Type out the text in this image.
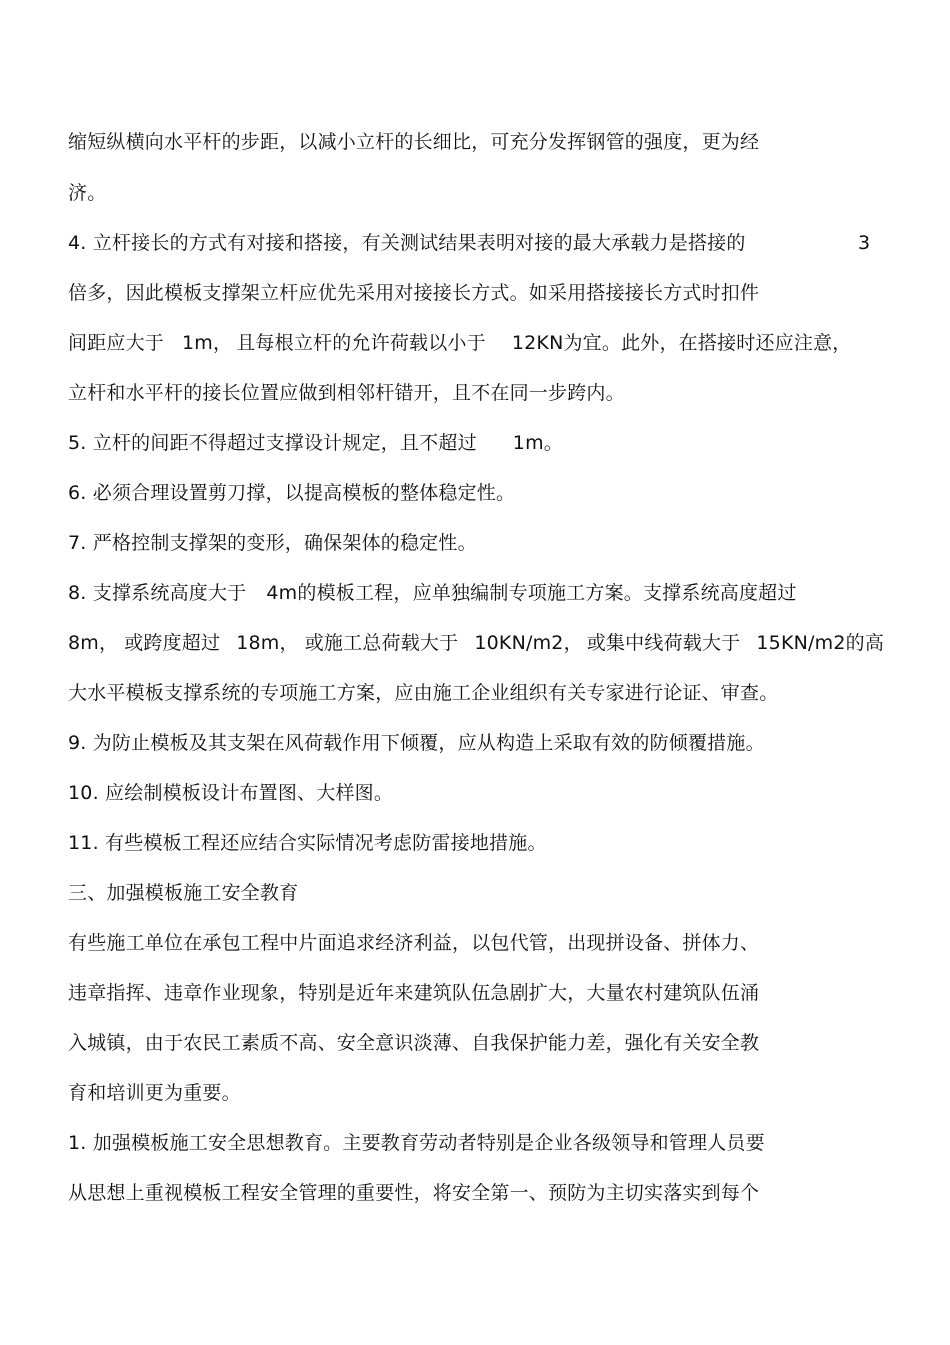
缩短纵横向水平杆的步距，以减小立杆的长细比，可充分发挥钢管的强度，更为经
济。
4. 立杆接长的方式有对接和搭接，有关测试结果表明对接的最大承载力是搭接的	3
倍多，因此模板支撑架立杆应优先采用对接接长方式。如采用搭接接长方式时扣件
间距应大于 1m， 且每根立杆的允许荷载以小于 12KN为宜。此外，在搭接时还应注意，
立杆和水平杆的接长位置应做到相邻杆错开，且不在同一步跨内。
5. 立杆的间距不得超过支撑设计规定，且不超过 1m。
6. 必须合理设置剪刀撑，以提高模板的整体稳定性。
7. 严格控制支撑架的变形，确保架体的稳定性。
8. 支撑系统高度大于 4m的模板工程，应单独编制专项施工方案。支撑系统高度超过
8m， 或跨度超过 18m， 或施工总荷载大于 10KN/m2， 或集中线荷载大于 15KN/m2的高
大水平模板支撑系统的专项施工方案，应由施工企业组织有关专家进行论证、审查。
9. 为防止模板及其支架在风荷载作用下倾覆，应从构造上采取有效的防倾覆措施。
10. 应绘制模板设计布置图、大样图。
11. 有些模板工程还应结合实际情况考虑防雷接地措施。
三、加强模板施工安全教育
有些施工单位在承包工程中片面追求经济利益，以包代管，出现拼设备、拼体力、
违章指挥、违章作业现象，特别是近年来建筑队伍急剧扩大，大量农村建筑队伍涌
入城镇，由于农民工素质不高、安全意识淡薄、自我保护能力差，强化有关安全教
育和培训更为重要。
1. 加强模板施工安全思想教育。主要教育劳动者特别是企业各级领导和管理人员要
从思想上重视模板工程安全管理的重要性，将安全第一、预防为主切实落实到每个
